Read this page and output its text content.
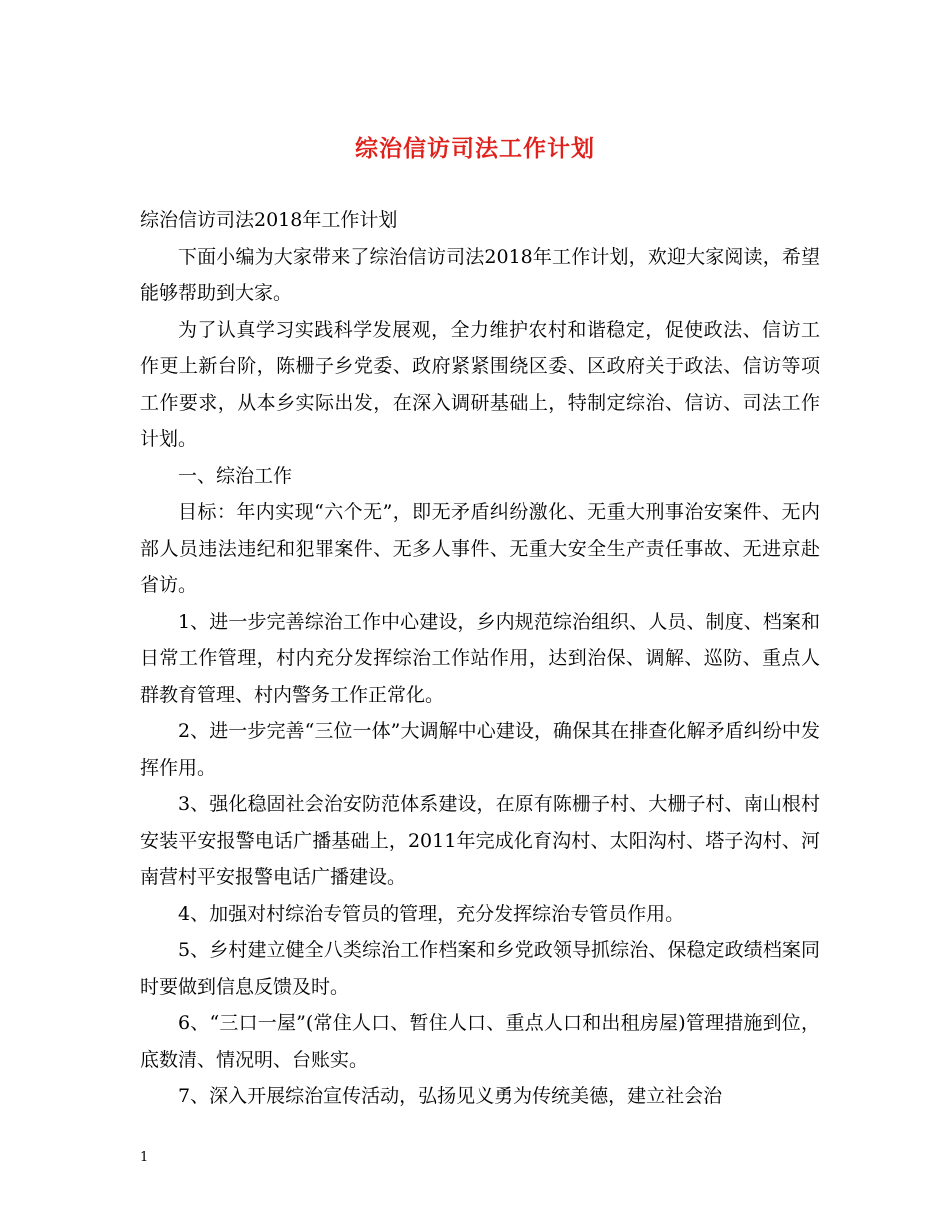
综治信访司法工作计划

综治信访司法2018年工作计划

下面小编为大家带来了综治信访司法2018年工作计划，欢迎大家阅读，希望能够帮助到大家。

为了认真学习实践科学发展观，全力维护农村和谐稳定，促使政法、信访工作更上新台阶，陈栅子乡党委、政府紧紧围绕区委、区政府关于政法、信访等项工作要求，从本乡实际出发，在深入调研基础上，特制定综治、信访、司法工作计划。

一、综治工作

目标：年内实现“六个无”，即无矛盾纠纷激化、无重大刑事治安案件、无内部人员违法违纪和犯罪案件、无多人事件、无重大安全生产责任事故、无进京赴省访。

1、进一步完善综治工作中心建设，乡内规范综治组织、人员、制度、档案和日常工作管理，村内充分发挥综治工作站作用，达到治保、调解、巡防、重点人群教育管理、村内警务工作正常化。

2、进一步完善“三位一体”大调解中心建设，确保其在排查化解矛盾纠纷中发挥作用。

3、强化稳固社会治安防范体系建设，在原有陈栅子村、大栅子村、南山根村安装平安报警电话广播基础上，2011年完成化育沟村、太阳沟村、塔子沟村、河南营村平安报警电话广播建设。

4、加强对村综治专管员的管理，充分发挥综治专管员作用。

5、乡村建立健全八类综治工作档案和乡党政领导抓综治、保稳定政绩档案同时要做到信息反馈及时。

6、“三口一屋”(常住人口、暂住人口、重点人口和出租房屋)管理措施到位，底数清、情况明、台账实。

7、深入开展综治宣传活动，弘扬见义勇为传统美德，建立社会治

1
